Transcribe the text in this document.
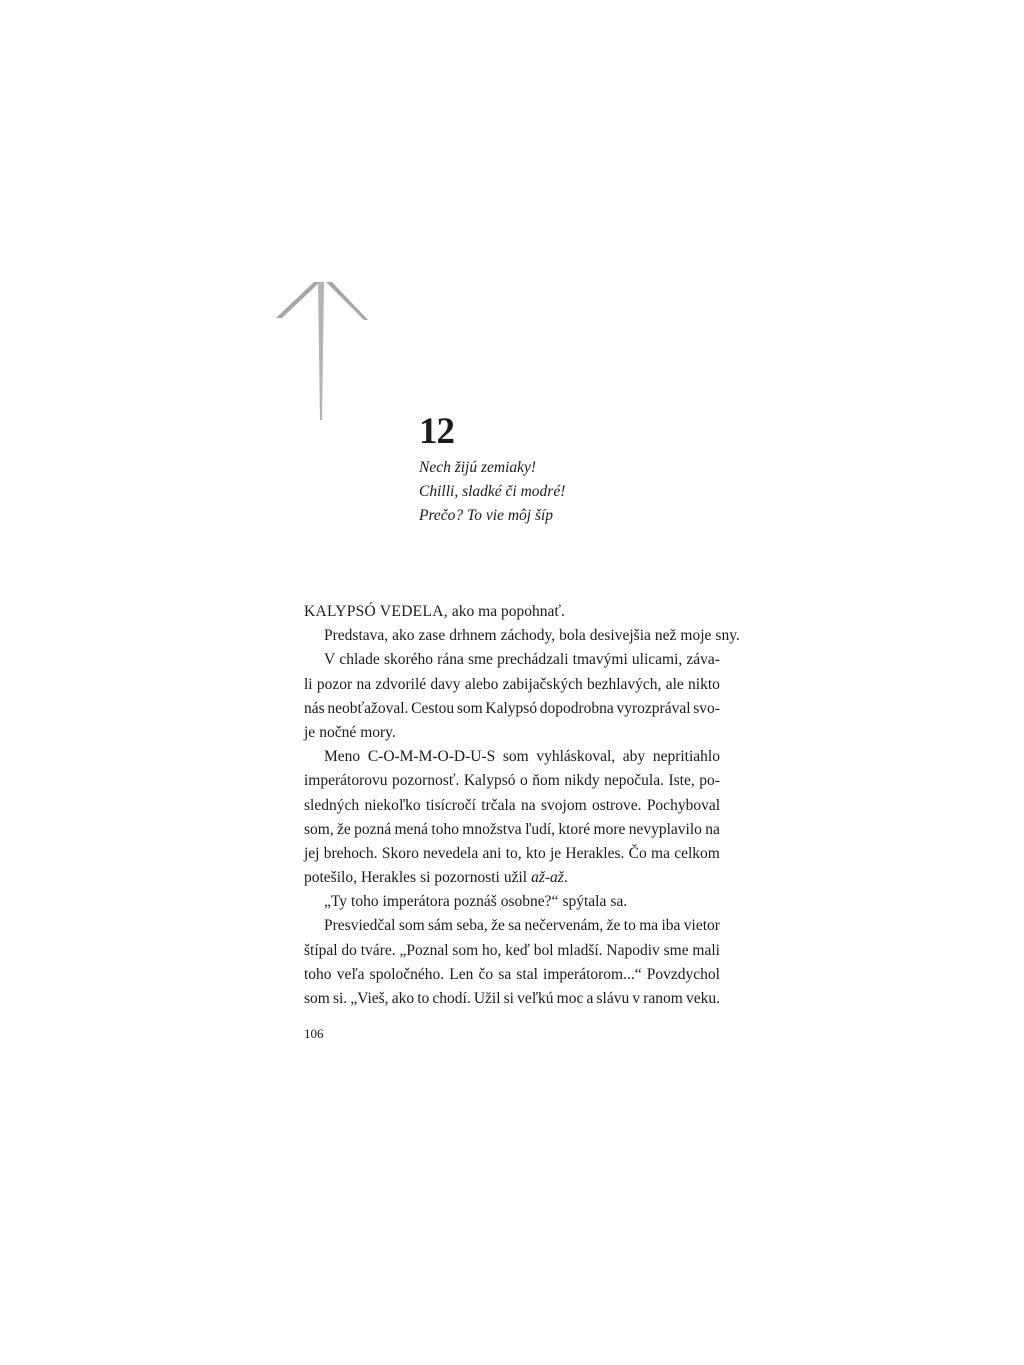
12
Nech žijú zemiaky!
Chilli, sladké či modré!
Prečo? To vie môj šíp
KALYPSÓ VEDELA, ako ma popohnať.
Predstava, ako zase drhnem záchody, bola desivejšia než moje sny.
V chlade skorého rána sme prechádzali tmavými ulicami, záva-
li pozor na zdvorilé davy alebo zabijačských bezhlavých, ale nikto
nás neobťažoval. Cestou som Kalypsó dopodrobna vyrozprával svo-
je nočné mory.
Meno C-O-M-M-O-D-U-S som vyhláskoval, aby nepritiahlo
imperátorovu pozornosť. Kalypsó o ňom nikdy nepočula. Iste, po-
sledných niekoľko tisícročí trčala na svojom ostrove. Pochyboval
som, že pozná mená toho množstva ľudí, ktoré more nevyplavilo na
jej brehoch. Skoro nevedela ani to, kto je Herakles. Čo ma celkom
potešilo, Herakles si pozornosti užil až-až.
„Ty toho imperátora poznáš osobne?“ spýtala sa.
Presviedčal som sám seba, že sa nečervenám, že to ma iba vietor
štípal do tváre. „Poznal som ho, keď bol mladší. Napodiv sme mali
toho veľa spoločného. Len čo sa stal imperátorom...“ Povzdychol
som si. „Vieš, ako to chodí. Užil si veľkú moc a slávu v ranom veku.

106
